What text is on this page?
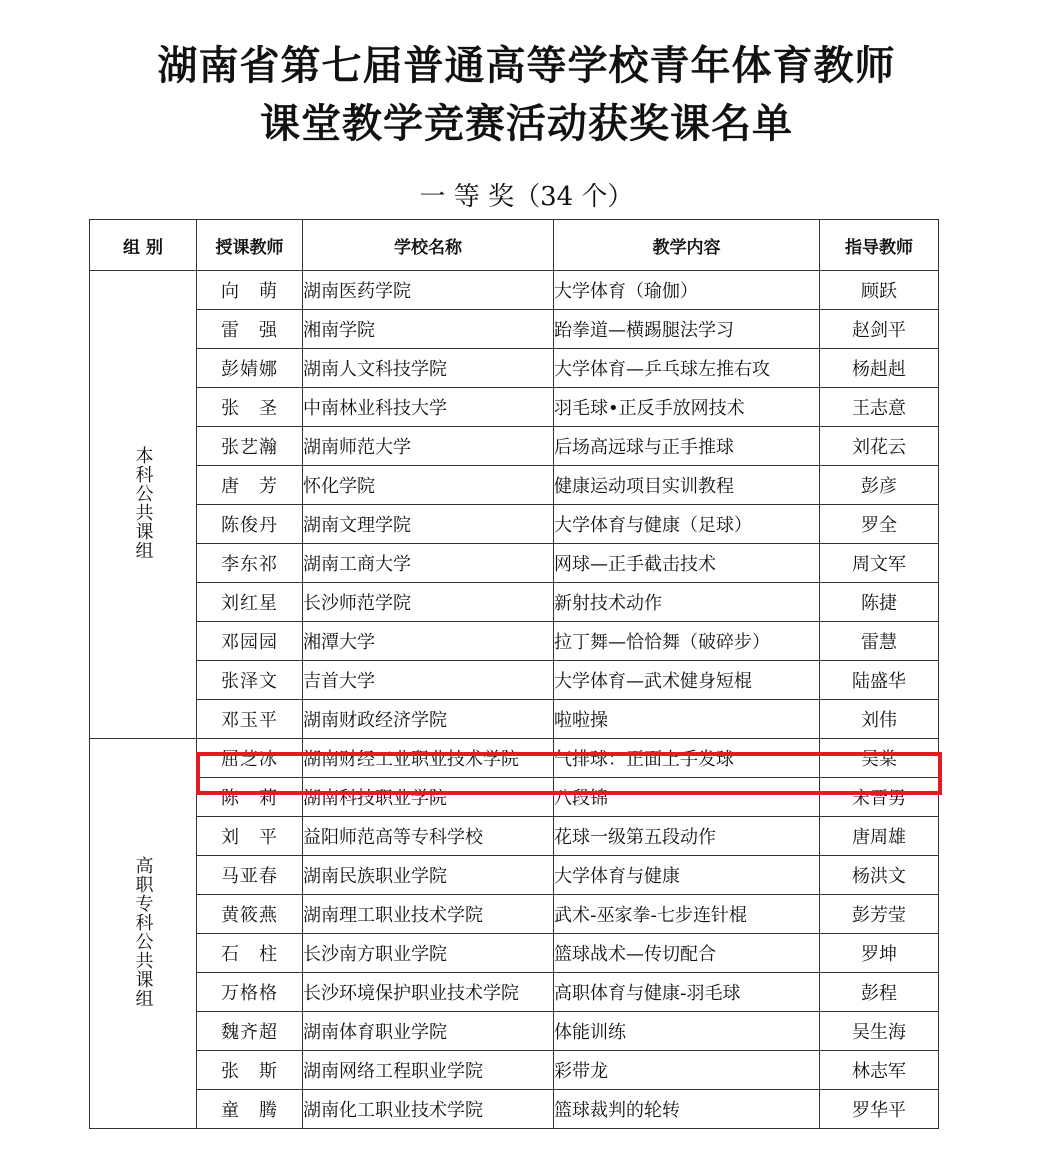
湖南省第七届普通高等学校青年体育教师
课堂教学竞赛活动获奖课名单
一 等 奖（34 个）
组 别	授课教师	学校名称	教学内容	指导教师
本科公共课组	向　萌	湖南医药学院	大学体育（瑜伽）	顾跃
	雷　强	湘南学院	跆拳道—横踢腿法学习	赵剑平
	彭婧娜	湖南人文科技学院	大学体育—乒乓球左推右攻	杨赳赳
	张　圣	中南林业科技大学	羽毛球•正反手放网技术	王志意
	张艺瀚	湖南师范大学	后场高远球与正手推球	刘花云
	唐　芳	怀化学院	健康运动项目实训教程	彭彦
	陈俊丹	湖南文理学院	大学体育与健康（足球）	罗全
	李东祁	湖南工商大学	网球—正手截击技术	周文军
	刘红星	长沙师范学院	新射技术动作	陈捷
	邓园园	湘潭大学	拉丁舞—恰恰舞（破碎步）	雷慧
	张泽文	吉首大学	大学体育—武术健身短棍	陆盛华
	邓玉平	湖南财政经济学院	啦啦操	刘伟
高职专科公共课组	屈芝冰	湖南财经工业职业技术学院	气排球：正面上手发球	吴棠
	陈　莉	湖南科技职业学院	八段锦	宋晋男
	刘　平	益阳师范高等专科学校	花球一级第五段动作	唐周雄
	马亚春	湖南民族职业学院	大学体育与健康	杨洪文
	黄筱燕	湖南理工职业技术学院	武术-巫家拳-七步连针棍	彭芳莹
	石　柱	长沙南方职业学院	篮球战术—传切配合	罗坤
	万格格	长沙环境保护职业技术学院	高职体育与健康-羽毛球	彭程
	魏齐超	湖南体育职业学院	体能训练	吴生海
	张　斯	湖南网络工程职业学院	彩带龙	林志军
	童　腾	湖南化工职业技术学院	篮球裁判的轮转	罗华平
